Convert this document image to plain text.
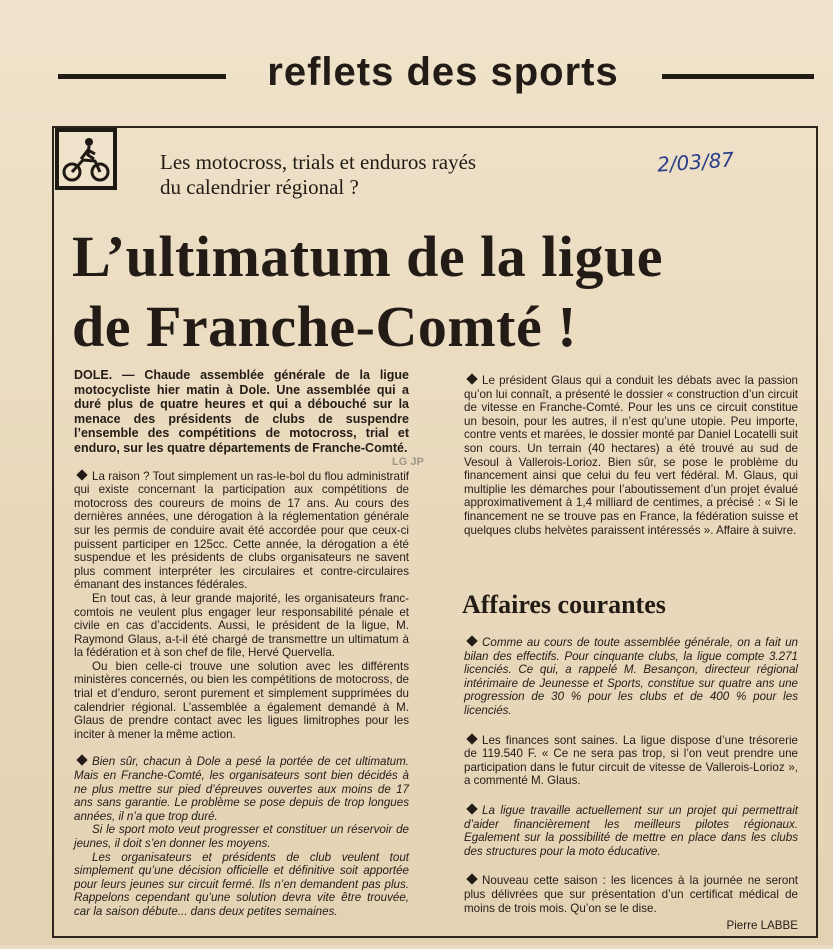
reflets des sports
Les motocross, trials et enduros rayés
du calendrier régional ?
2/03/87
L’ultimatum de la ligue
de Franche-Comté !
LG JP

DOLE. — Chaude assemblée générale de la ligue motocycliste hier matin à Dole. Une assemblée qui a duré plus de quatre heures et qui a débouché sur la menace des présidents de clubs de suspendre l’ensemble des compétitions de motocross, trial et enduro, sur les quatre départements de Franche-Comté.

La raison ? Tout simplement un ras-le-bol du flou administratif qui existe concernant la participation aux compétitions de motocross des coureurs de moins de 17 ans. Au cours des dernières années, une dérogation à la réglementation générale sur les permis de conduire avait été accordée pour que ceux-ci puissent participer en 125cc. Cette année, la dérogation a été suspendue et les présidents de clubs organisateurs ne savent plus comment interpréter les circulaires et contre-circulaires émanant des instances fédérales.

En tout cas, à leur grande majorité, les organisateurs franc-comtois ne veulent plus engager leur responsabilité pénale et civile en cas d’accidents. Aussi, le président de la ligue, M. Raymond Glaus, a-t-il été chargé de transmettre un ultimatum à la fédération et à son chef de file, Hervé Quervella.

Ou bien celle-ci trouve une solution avec les différents ministères concernés, ou bien les compétitions de motocross, de trial et d’enduro, seront purement et simplement supprimées du calendrier régional. L’assemblée a également demandé à M. Glaus de prendre contact avec les ligues limitrophes pour les inciter à mener la même action.

Bien sûr, chacun à Dole a pesé la portée de cet ultimatum. Mais en Franche-Comté, les organisateurs sont bien décidés à ne plus mettre sur pied d’épreuves ouvertes aux moins de 17 ans sans garantie. Le problème se pose depuis de trop longues années, il n’a que trop duré.

Si le sport moto veut progresser et constituer un réservoir de jeunes, il doit s’en donner les moyens.

Les organisateurs et présidents de club veulent tout simplement qu’une décision officielle et définitive soit apportée pour leurs jeunes sur circuit fermé. Ils n’en demandent pas plus. Rappelons cependant qu’une solution devra vite être trouvée, car la saison débute... dans deux petites semaines.

Le président Glaus qui a conduit les débats avec la passion qu’on lui connaît, a présenté le dossier « construction d’un circuit de vitesse en Franche-Comté. Pour les uns ce circuit constitue un besoin, pour les autres, il n’est qu’une utopie. Peu importe, contre vents et marées, le dossier monté par Daniel Locatelli suit son cours. Un terrain (40 hectares) a été trouvé au sud de Vesoul à Vallerois-Lorioz. Bien sûr, se pose le problème du financement ainsi que celui du feu vert fédéral. M. Glaus, qui multiplie les démarches pour l’aboutissement d’un projet évalué approximativement à 1,4 milliard de centimes, a précisé : « Si le financement ne se trouve pas en France, la fédération suisse et quelques clubs helvètes paraissent intéressés ». Affaire à suivre.

Affaires courantes

Comme au cours de toute assemblée générale, on a fait un bilan des effectifs. Pour cinquante clubs, la ligue compte 3.271 licenciés. Ce qui, a rappelé M. Besançon, directeur régional intérimaire de Jeunesse et Sports, constitue sur quatre ans une progression de 30 % pour les clubs et de 400 % pour les licenciés.

Les finances sont saines. La ligue dispose d’une trésorerie de 119.540 F. « Ce ne sera pas trop, si l’on veut prendre une participation dans le futur circuit de vitesse de Vallerois-Lorioz », a commenté M. Glaus.

La ligue travaille actuellement sur un projet qui permettrait d’aider financièrement les meilleurs pilotes régionaux. Egalement sur la possibilité de mettre en place dans les clubs des structures pour la moto éducative.

Nouveau cette saison : les licences à la journée ne seront plus délivrées que sur présentation d’un certificat médical de moins de trois mois. Qu’on se le dise.

Pierre LABBE
